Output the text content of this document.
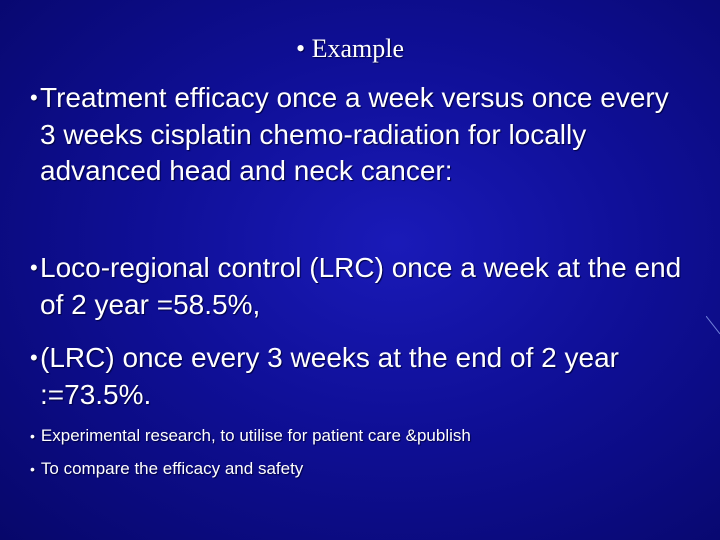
• Example
• Treatment efficacy once a week versus once every 3 weeks cisplatin chemo-radiation for locally advanced head and neck cancer:
• Loco-regional control (LRC) once a week at the end of 2 year =58.5%,
• (LRC) once every 3 weeks at the end of 2 year :=73.5%.
• Experimental research, to utilise for patient care &publish
• To compare the efficacy and safety
